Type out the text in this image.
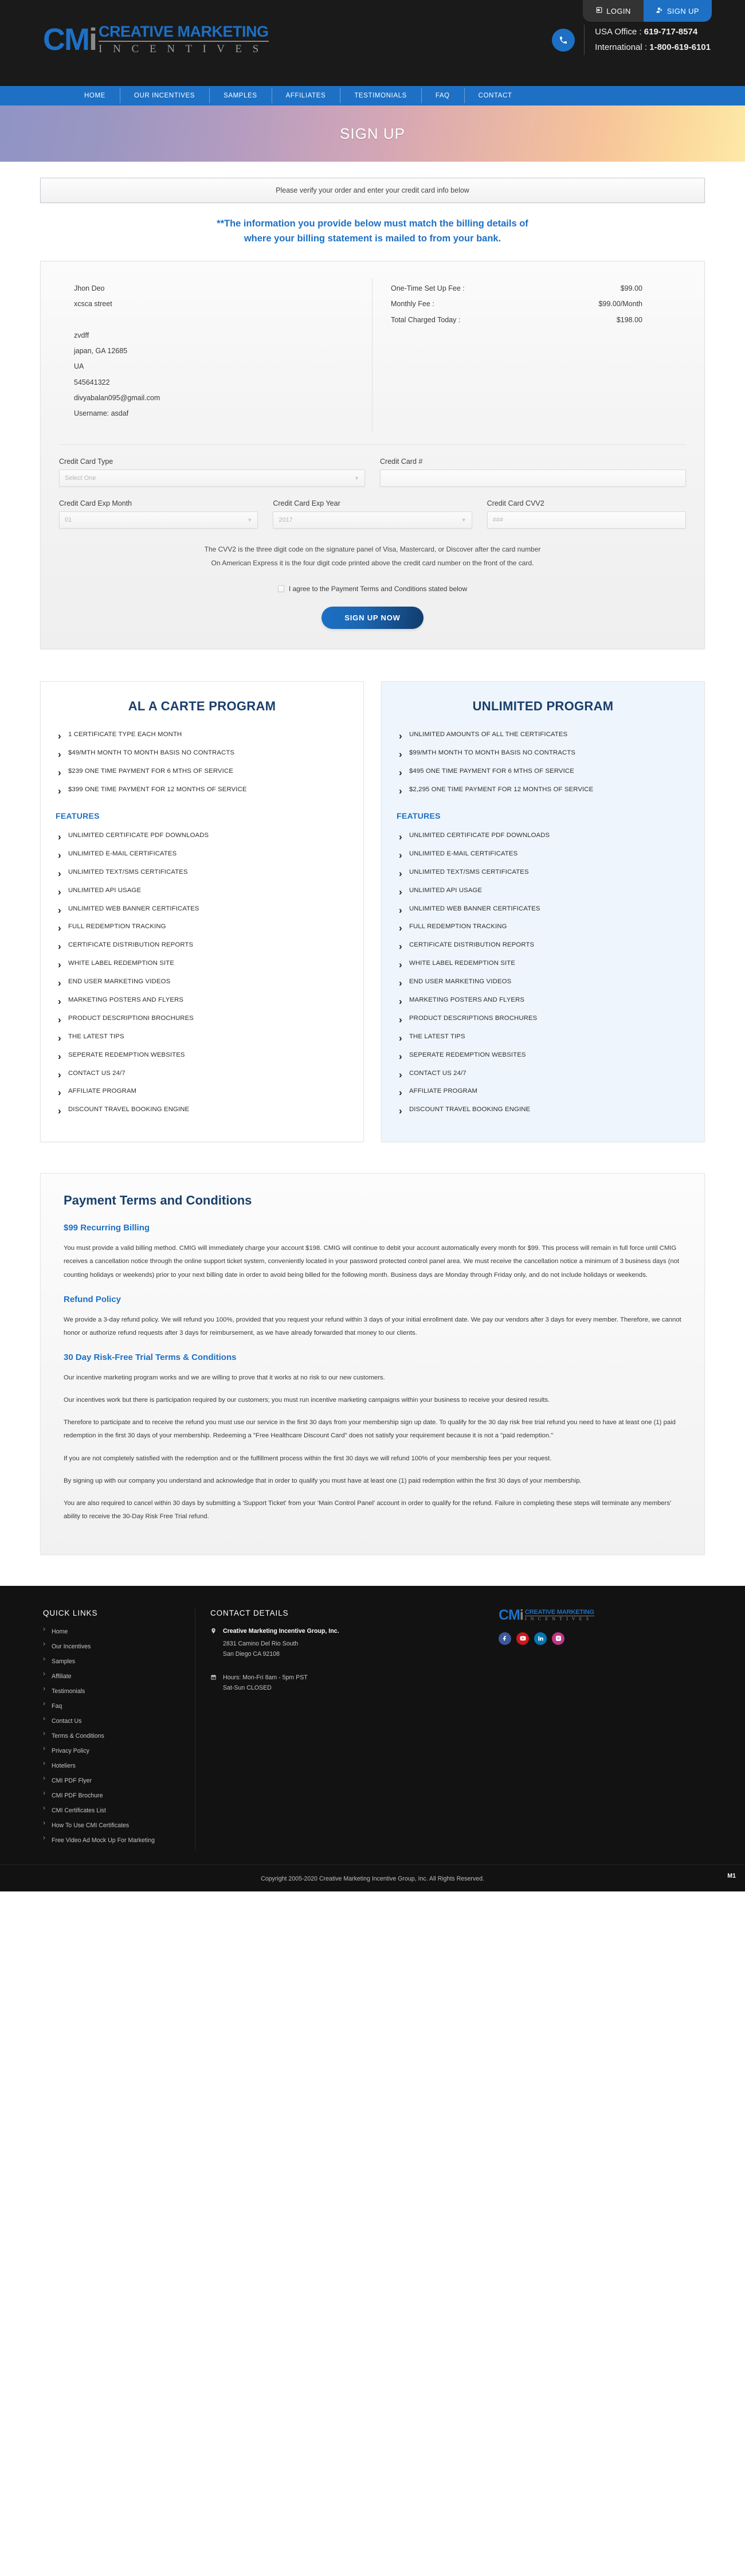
LOGIN	SIGN UP
CMi CREATIVE MARKETING
I N C E N T I V E S
USA Office : 619-717-8574
International : 1-800-619-6101
HOME	OUR INCENTIVES	SAMPLES	AFFILIATES	TESTIMONIALS	FAQ	CONTACT
SIGN UP
Please verify your order and enter your credit card info below
**The information you provide below must match the billing details of
where your billing statement is mailed to from your bank.
Jhon Deo
xcsca street

zvdff
japan, GA 12685
UA
545641322
divyabalan095@gmail.com
Username: asdaf
One-Time Set Up Fee :	$99.00
Monthly Fee :	$99.00/Month
Total Charged Today :	$198.00
Credit Card Type
Select One	▼
Credit Card #
Credit Card Exp Month
01	▼
Credit Card Exp Year
2017	▼
Credit Card CVV2
###
The CVV2 is the three digit code on the signature panel of Visa, Mastercard, or Discover after the card number
On American Express it is the four digit code printed above the credit card number on the front of the card.
I agree to the Payment Terms and Conditions stated below
SIGN UP NOW
AL A CARTE PROGRAM
› 1 CERTIFICATE TYPE EACH MONTH
› $49/MTH MONTH TO MONTH BASIS NO CONTRACTS
› $239 ONE TIME PAYMENT FOR 6 MTHS OF SERVICE
› $399 ONE TIME PAYMENT FOR 12 MONTHS OF SERVICE
FEATURES
› UNLIMITED CERTIFICATE PDF DOWNLOADS
› UNLIMITED E-MAIL CERTIFICATES
› UNLIMITED TEXT/SMS CERTIFICATES
› UNLIMITED API USAGE
› UNLIMITED WEB BANNER CERTIFICATES
› FULL REDEMPTION TRACKING
› CERTIFICATE DISTRIBUTION REPORTS
› WHITE LABEL REDEMPTION SITE
› END USER MARKETING VIDEOS
› MARKETING POSTERS AND FLYERS
› PRODUCT DESCRIPTIONI BROCHURES
› THE LATEST TIPS
› SEPERATE REDEMPTION WEBSITES
› CONTACT US 24/7
› AFFILIATE PROGRAM
› DISCOUNT TRAVEL BOOKING ENGINE
UNLIMITED PROGRAM
› UNLIMITED AMOUNTS OF ALL THE CERTIFICATES
› $99/MTH MONTH TO MONTH BASIS NO CONTRACTS
› $495 ONE TIME PAYMENT FOR 6 MTHS OF SERVICE
› $2,295 ONE TIME PAYMENT FOR 12 MONTHS OF SERVICE
FEATURES
› UNLIMITED CERTIFICATE PDF DOWNLOADS
› UNLIMITED E-MAIL CERTIFICATES
› UNLIMITED TEXT/SMS CERTIFICATES
› UNLIMITED API USAGE
› UNLIMITED WEB BANNER CERTIFICATES
› FULL REDEMPTION TRACKING
› CERTIFICATE DISTRIBUTION REPORTS
› WHITE LABEL REDEMPTION SITE
› END USER MARKETING VIDEOS
› MARKETING POSTERS AND FLYERS
› PRODUCT DESCRIPTIONS BROCHURES
› THE LATEST TIPS
› SEPERATE REDEMPTION WEBSITES
› CONTACT US 24/7
› AFFILIATE PROGRAM
› DISCOUNT TRAVEL BOOKING ENGINE
Payment Terms and Conditions
$99 Recurring Billing

You must provide a valid billing method. CMIG will immediately charge your account $198. CMIG will continue to debit your account automatically every month for $99. This process will remain in full force until CMIG receives a cancellation notice through the online support ticket system, conveniently located in your password protected control panel area. We must receive the cancellation notice a minimum of 3 business days (not counting holidays or weekends) prior to your next billing date in order to avoid being billed for the following month. Business days are Monday through Friday only, and do not include holidays or weekends.

Refund Policy

We provide a 3-day refund policy. We will refund you 100%, provided that you request your refund within 3 days of your initial enrollment date. We pay our vendors after 3 days for every member. Therefore, we cannot honor or authorize refund requests after 3 days for reimbursement, as we have already forwarded that money to our clients.

30 Day Risk-Free Trial Terms & Conditions

Our incentive marketing program works and we are willing to prove that it works at no risk to our new customers.

Our incentives work but there is participation required by our customers; you must run incentive marketing campaigns within your business to receive your desired results.

Therefore to participate and to receive the refund you must use our service in the first 30 days from your membership sign up date. To qualify for the 30 day risk free trial refund you need to have at least one (1) paid redemption in the first 30 days of your membership. Redeeming a "Free Healthcare Discount Card" does not satisfy your requirement because it is not a "paid redemption."

If you are not completely satisfied with the redemption and or the fulfillment process within the first 30 days we will refund 100% of your membership fees per your request.

By signing up with our company you understand and acknowledge that in order to qualify you must have at least one (1) paid redemption within the first 30 days of your membership.

You are also required to cancel within 30 days by submitting a 'Support Ticket' from your 'Main Control Panel' account in order to qualify for the refund. Failure in completing these steps will terminate any members' ability to receive the 30-Day Risk Free Trial refund.

QUICK LINKS
› Home
› Our Incentives
› Samples
› Affiliate
› Testimonials
› Faq
› Contact Us
› Terms & Conditions
› Privacy Policy
› Hoteliers
› CMI PDF Flyer
› CMI PDF Brochure
› CMI Certificates List
› How To Use CMI Certificates
› Free Video Ad Mock Up For Marketing
CONTACT DETAILS
Creative Marketing Incentive Group, Inc.
2831 Camino Del Rio South
San Diego CA 92108
Hours: Mon-Fri 8am - 5pm PST
Sat-Sun CLOSED
CMi CREATIVE MARKETING
I N C E N T I V E S
Copyright 2005-2020 Creative Marketing Incentive Group, Inc. All Rights Reserved.	M1
